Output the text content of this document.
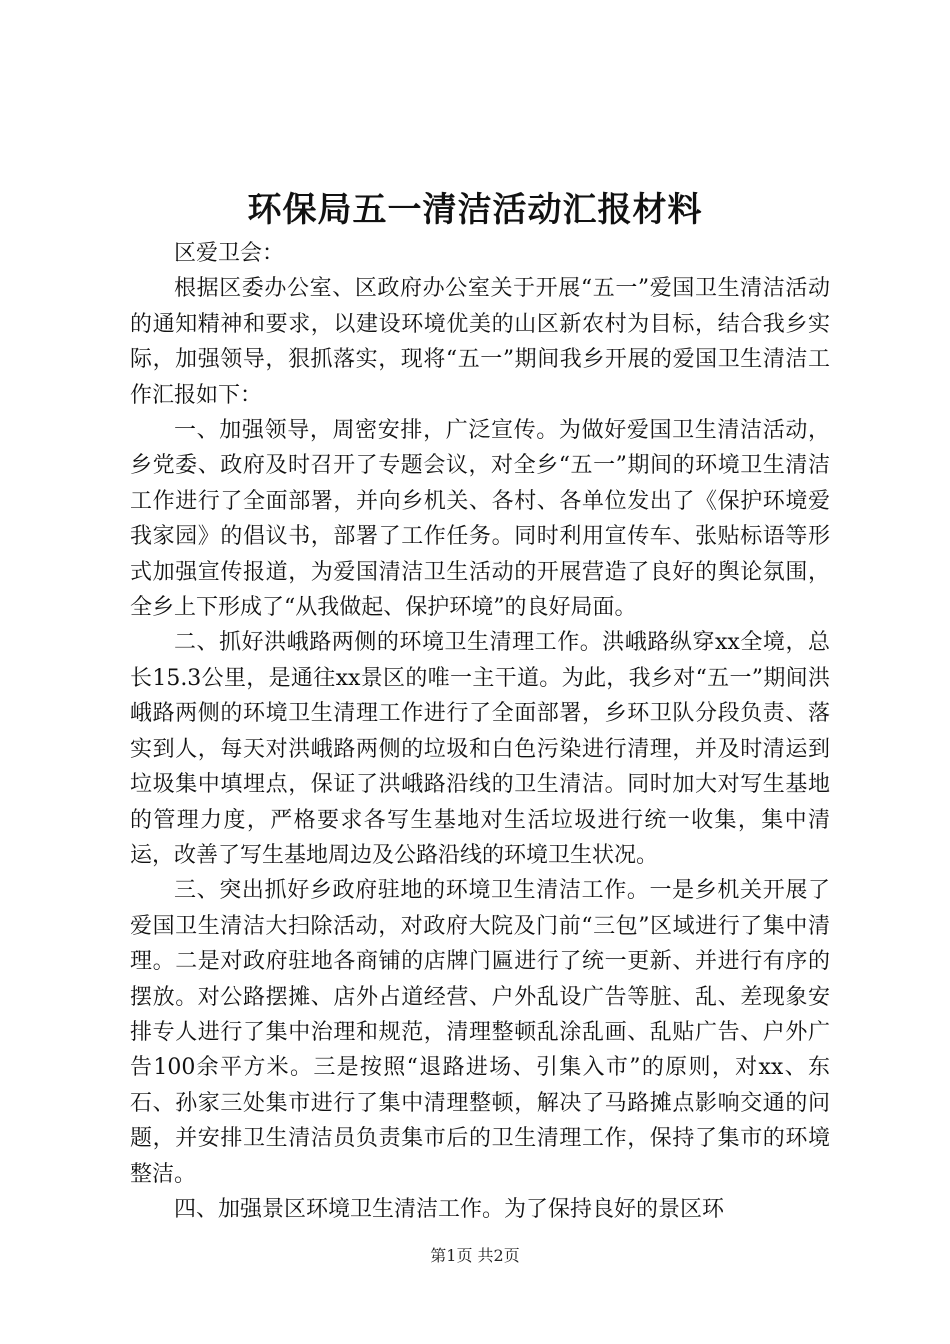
环保局五一清洁活动汇报材料

区爱卫会：

根据区委办公室、区政府办公室关于开展“五一”爱国卫生清洁活动的通知精神和要求，以建设环境优美的山区新农村为目标，结合我乡实际，加强领导，狠抓落实，现将“五一”期间我乡开展的爱国卫生清洁工作汇报如下：

一、加强领导，周密安排，广泛宣传。为做好爱国卫生清洁活动，乡党委、政府及时召开了专题会议，对全乡“五一”期间的环境卫生清洁工作进行了全面部署，并向乡机关、各村、各单位发出了《保护环境爱我家园》的倡议书，部署了工作任务。同时利用宣传车、张贴标语等形式加强宣传报道，为爱国清洁卫生活动的开展营造了良好的舆论氛围，全乡上下形成了“从我做起、保护环境”的良好局面。

二、抓好洪峨路两侧的环境卫生清理工作。洪峨路纵穿xx全境，总长15.3公里，是通往xx景区的唯一主干道。为此，我乡对“五一”期间洪峨路两侧的环境卫生清理工作进行了全面部署，乡环卫队分段负责、落实到人，每天对洪峨路两侧的垃圾和白色污染进行清理，并及时清运到垃圾集中填埋点，保证了洪峨路沿线的卫生清洁。同时加大对写生基地的管理力度，严格要求各写生基地对生活垃圾进行统一收集，集中清运，改善了写生基地周边及公路沿线的环境卫生状况。

三、突出抓好乡政府驻地的环境卫生清洁工作。一是乡机关开展了爱国卫生清洁大扫除活动，对政府大院及门前“三包”区域进行了集中清理。二是对政府驻地各商铺的店牌门匾进行了统一更新、并进行有序的摆放。对公路摆摊、店外占道经营、户外乱设广告等脏、乱、差现象安排专人进行了集中治理和规范，清理整顿乱涂乱画、乱贴广告、户外广告100余平方米。三是按照“退路进场、引集入市”的原则，对xx、东石、孙家三处集市进行了集中清理整顿，解决了马路摊点影响交通的问题，并安排卫生清洁员负责集市后的卫生清理工作，保持了集市的环境整洁。

四、加强景区环境卫生清洁工作。为了保持良好的景区环

第1页 共2页
